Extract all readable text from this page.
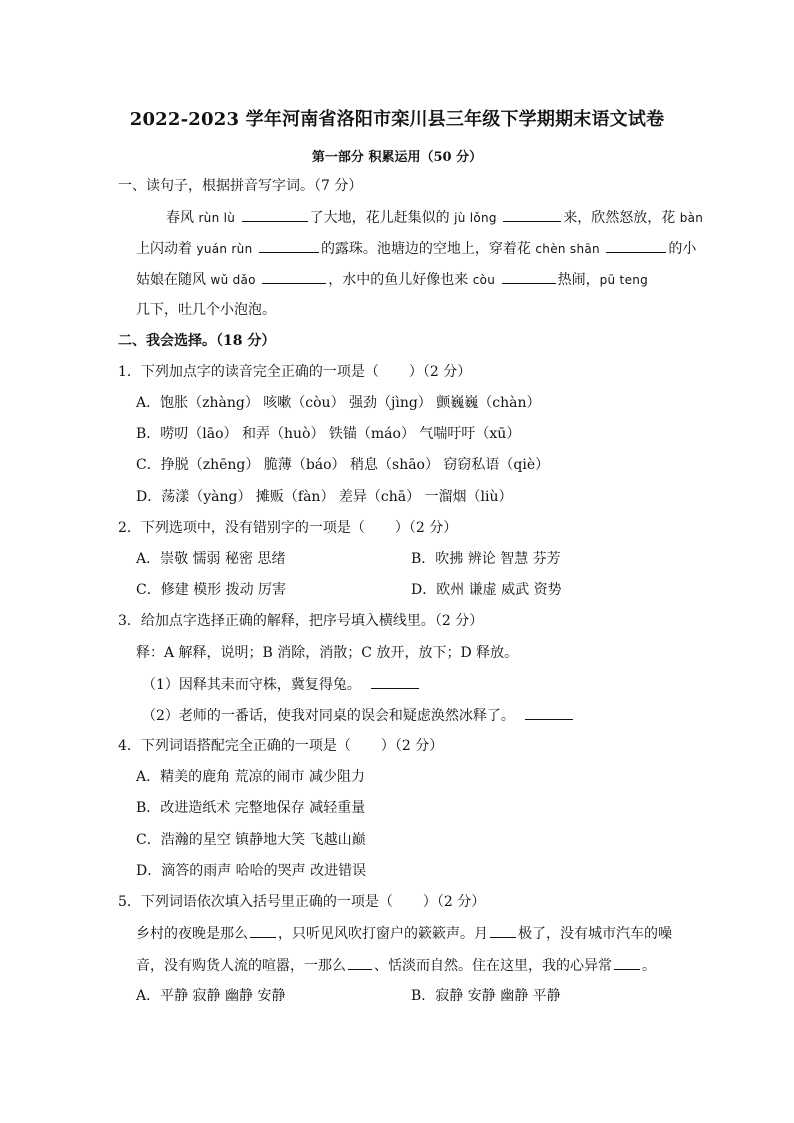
2022-2023 学年河南省洛阳市栾川县三年级下学期期末语文试卷
第一部分 积累运用（50 分）
一、读句子，根据拼音写字词。（7 分）
春风 rùn lù	了大地，花儿赶集似的 jù lǒng	来，欣然怒放，花 bàn
上闪动着 yuán rùn	的露珠。池塘边的空地上，穿着花 chèn shān	的小
姑娘在随风 wǔ dǎo	，水中的鱼儿好像也来 còu	热闹，pū teng
几下，吐几个小泡泡。
二、我会选择。（18 分）
1．下列加点字的读音完全正确的一项是（ ）（2 分）
A．饱胀（zhàng） 咳嗽（còu） 强劲（jìng） 颤巍巍（chàn）
B．唠叨（lāo） 和弄（huò） 铁锚（máo） 气喘吁吁（xū）
C．挣脱（zhēng） 脆薄（báo） 稍息（shāo） 窃窃私语（qiè）
D．荡漾（yàng） 摊贩（fàn） 差异（chā） 一溜烟（liù）
2．下列选项中，没有错别字的一项是（ ）（2 分）
A．崇敬 懦弱 秘密 思绪	B．吹拂 辨论 智慧 芬芳
C．修建 模形 拨动 厉害	D．欧州 谦虚 威武 资势
3．给加点字选择正确的解释，把序号填入横线里。（2 分）
释：A 解释，说明；B 消除，消散；C 放开，放下；D 释放。
（1）因释其耒而守株，冀复得兔。
（2）老师的一番话，使我对同桌的误会和疑虑涣然冰释了。
4．下列词语搭配完全正确的一项是（ ）（2 分）
A．精美的鹿角 荒凉的闹市 减少阻力
B．改进造纸术 完整地保存 减轻重量
C．浩瀚的星空 镇静地大笑 飞越山巅
D．滴答的雨声 哈哈的哭声 改进错误
5．下列词语依次填入括号里正确的一项是（ ）（2 分）
乡村的夜晚是那么 ，只听见风吹打窗户的簌簌声。月 极了，没有城市汽车的噪
音，没有购货人流的喧嚣，一那么 、恬淡而自然。住在这里，我的心异常 。
A．平静 寂静 幽静 安静	B．寂静 安静 幽静 平静
